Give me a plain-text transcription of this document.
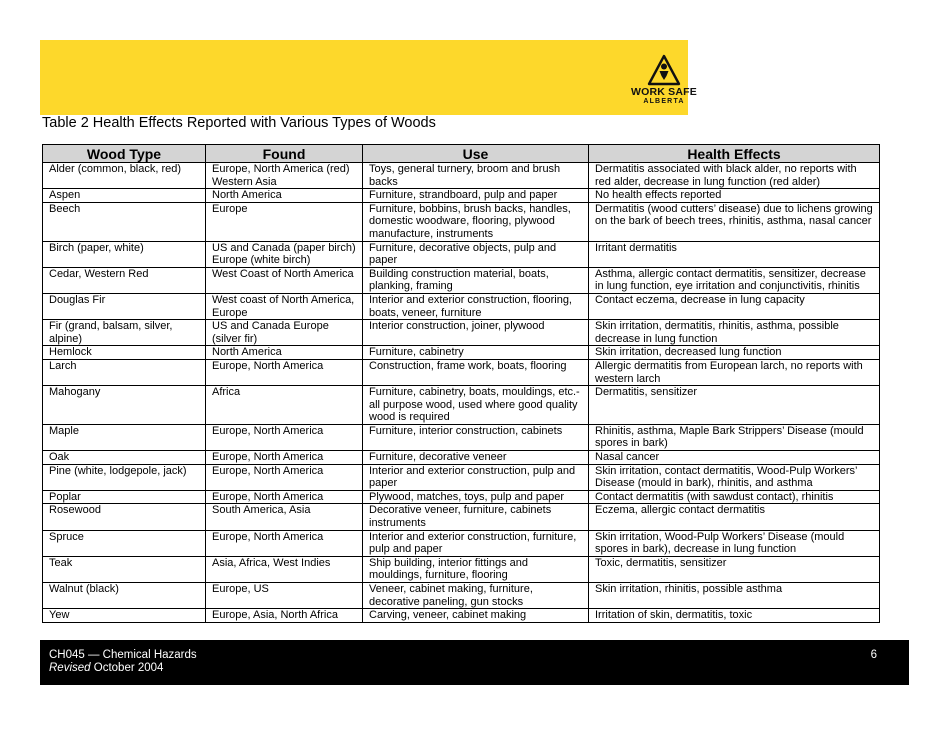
WORK SAFE
ALBERTA
Table 2 Health Effects Reported with Various Types of Woods
Wood Type	Found	Use	Health Effects
Alder (common, black, red)	Europe, North America (red) Western Asia	Toys, general turnery, broom and brush backs	Dermatitis associated with black alder, no reports with red alder, decrease in lung function (red alder)
Aspen	North America	Furniture, strandboard, pulp and paper	No health effects reported
Beech	Europe	Furniture, bobbins, brush backs, handles, domestic woodware, flooring, plywood manufacture, instruments	Dermatitis (wood cutters’ disease) due to lichens growing on the bark of beech trees, rhinitis, asthma, nasal cancer
Birch (paper, white)	US and Canada (paper birch) Europe (white birch)	Furniture, decorative objects, pulp and paper	Irritant dermatitis
Cedar, Western Red	West Coast of North America	Building construction material, boats, planking, framing	Asthma, allergic contact dermatitis, sensitizer, decrease in lung function, eye irritation and conjunctivitis, rhinitis
Douglas Fir	West coast of North America, Europe	Interior and exterior construction, flooring, boats, veneer, furniture	Contact eczema, decrease in lung capacity
Fir (grand, balsam, silver, alpine)	US and Canada Europe (silver fir)	Interior construction, joiner, plywood	Skin irritation, dermatitis, rhinitis, asthma, possible decrease in lung function
Hemlock	North America	Furniture, cabinetry	Skin irritation, decreased lung function
Larch	Europe, North America	Construction, frame work, boats, flooring	Allergic dermatitis from European larch, no reports with western larch
Mahogany	Africa	Furniture, cabinetry, boats, mouldings, etc.- all purpose wood, used where good quality wood is required	Dermatitis, sensitizer
Maple	Europe, North America	Furniture, interior construction, cabinets	Rhinitis, asthma, Maple Bark Strippers’ Disease (mould spores in bark)
Oak	Europe, North America	Furniture, decorative veneer	Nasal cancer
Pine (white, lodgepole, jack)	Europe, North America	Interior and exterior construction, pulp and paper	Skin irritation, contact dermatitis, Wood-Pulp Workers’ Disease (mould in bark), rhinitis, and asthma
Poplar	Europe, North America	Plywood, matches, toys, pulp and paper	Contact dermatitis (with sawdust contact), rhinitis
Rosewood	South America, Asia	Decorative veneer, furniture, cabinets instruments	Eczema, allergic contact dermatitis
Spruce	Europe, North America	Interior and exterior construction, furniture, pulp and paper	Skin irritation, Wood-Pulp Workers’ Disease (mould spores in bark), decrease in lung function
Teak	Asia, Africa, West Indies	Ship building, interior fittings and mouldings, furniture, flooring	Toxic, dermatitis, sensitizer
Walnut (black)	Europe, US	Veneer, cabinet making, furniture, decorative paneling, gun stocks	Skin irritation, rhinitis, possible asthma
Yew	Europe, Asia, North Africa	Carving, veneer, cabinet making	Irritation of skin, dermatitis, toxic
CH045 — Chemical Hazards
Revised October 2004
6
